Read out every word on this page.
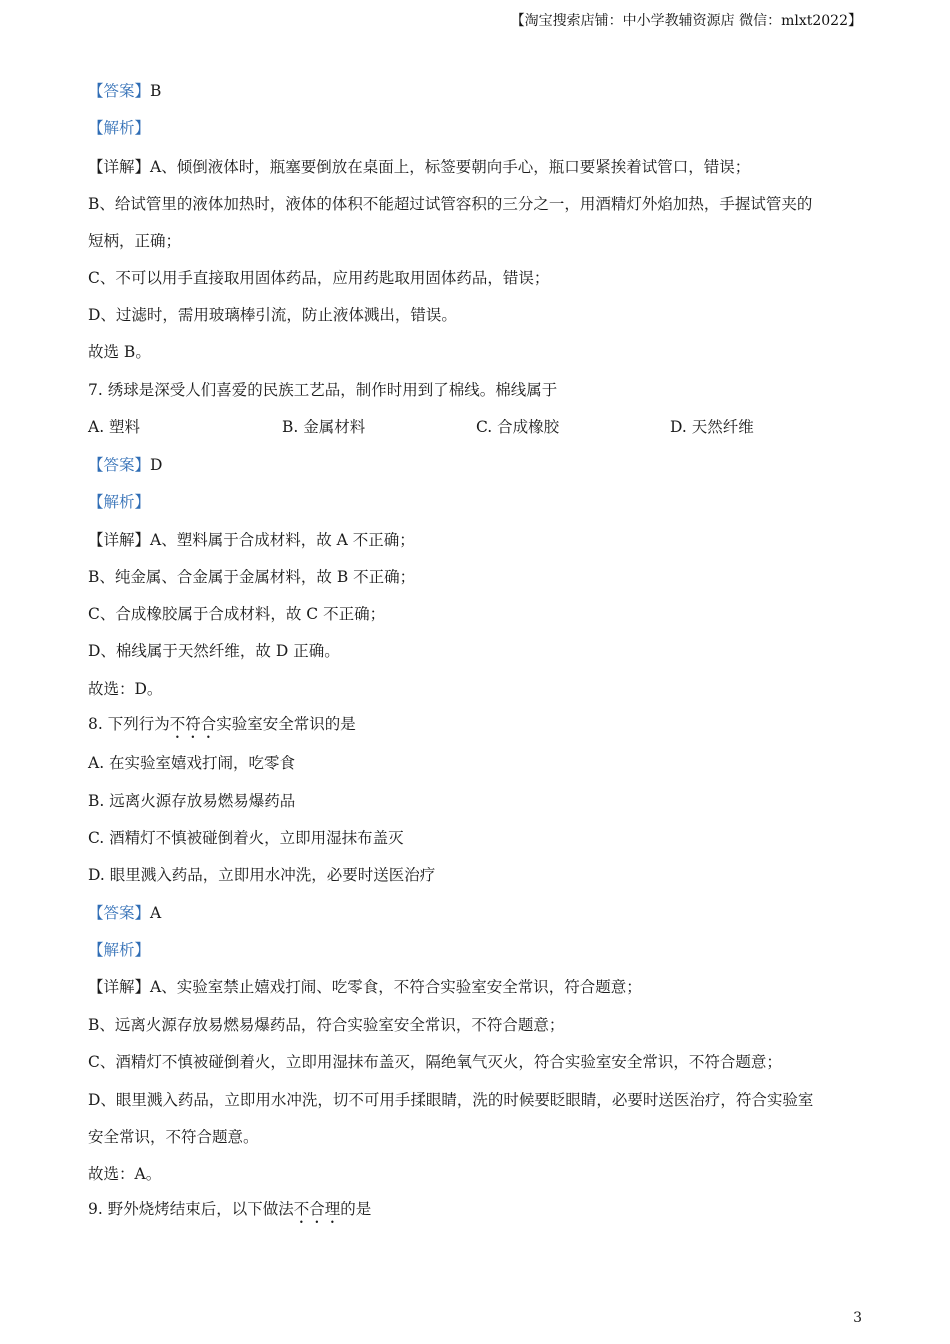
【淘宝搜索店铺：中小学教辅资源店 微信：mlxt2022】
【答案】B
【解析】
【详解】A、倾倒液体时，瓶塞要倒放在桌面上，标签要朝向手心，瓶口要紧挨着试管口，错误；
B、给试管里的液体加热时，液体的体积不能超过试管容积的三分之一，用酒精灯外焰加热，手握试管夹的
短柄，正确；
C、不可以用手直接取用固体药品，应用药匙取用固体药品，错误；
D、过滤时，需用玻璃棒引流，防止液体溅出，错误。
故选 B。
7. 绣球是深受人们喜爱的民族工艺品，制作时用到了棉线。棉线属于
A. 塑料	B. 金属材料	C. 合成橡胶	D. 天然纤维
【答案】D
【解析】
【详解】A、塑料属于合成材料，故 A 不正确；
B、纯金属、合金属于金属材料，故 B 不正确；
C、合成橡胶属于合成材料，故 C 不正确；
D、棉线属于天然纤维，故 D 正确。
故选：D。
8. 下列行为不符合实验室安全常识的是
A. 在实验室嬉戏打闹，吃零食
B. 远离火源存放易燃易爆药品
C. 酒精灯不慎被碰倒着火，立即用湿抹布盖灭
D. 眼里溅入药品，立即用水冲洗，必要时送医治疗
【答案】A
【解析】
【详解】A、实验室禁止嬉戏打闹、吃零食，不符合实验室安全常识，符合题意；
B、远离火源存放易燃易爆药品，符合实验室安全常识，不符合题意；
C、酒精灯不慎被碰倒着火，立即用湿抹布盖灭，隔绝氧气灭火，符合实验室安全常识，不符合题意；
D、眼里溅入药品，立即用水冲洗，切不可用手揉眼睛，洗的时候要眨眼睛，必要时送医治疗，符合实验室
安全常识，不符合题意。
故选：A。
9. 野外烧烤结束后，以下做法不合理的是
3
